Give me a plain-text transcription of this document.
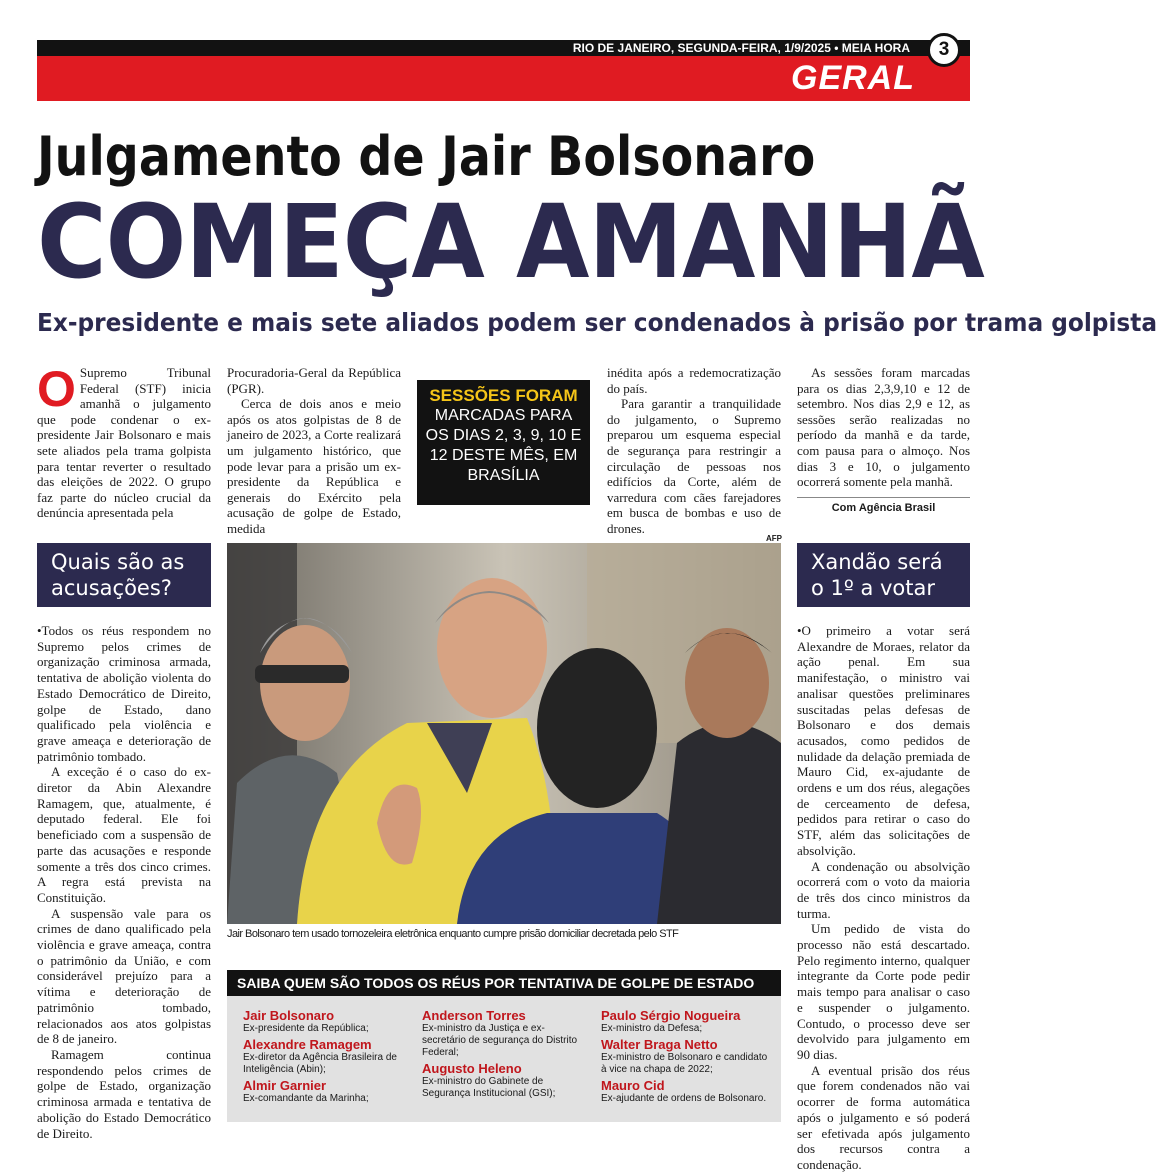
RIO DE JANEIRO, SEGUNDA-FEIRA, 1/9/2025 • MEIA HORA	3
GERAL
Julgamento de Jair Bolsonaro
COMEÇA AMANHÃ
Ex-presidente e mais sete aliados podem ser condenados à prisão por trama golpista

O Supremo Tribunal Federal (STF) inicia amanhã o julgamento que pode condenar o ex-presidente Jair Bolsonaro e mais sete aliados pela trama golpista para tentar reverter o resultado das eleições de 2022. O grupo faz parte do núcleo crucial da denúncia apresentada pela

Procuradoria-Geral da República (PGR).

Cerca de dois anos e meio após os atos golpistas de 8 de janeiro de 2023, a Corte realizará um julgamento histórico, que pode levar para a prisão um ex-presidente da República e generais do Exército pela acusação de golpe de Estado, medida

SESSÕES FORAM
MARCADAS PARA OS DIAS 2, 3, 9, 10 E 12 DESTE MÊS, EM BRASÍLIA

inédita após a redemocratização do país.

Para garantir a tranquilidade do julgamento, o Supremo preparou um esquema especial de segurança para restringir a circulação de pessoas nos edifícios da Corte, além de varredura com cães farejadores em busca de bombas e uso de drones.

As sessões foram marcadas para os dias 2,3,9,10 e 12 de setembro. Nos dias 2,9 e 12, as sessões serão realizadas no período da manhã e da tarde, com pausa para o almoço. Nos dias 3 e 10, o julgamento ocorrerá somente pela manhã.

Com Agência Brasil
Quais são as acusações?

•Todos os réus respondem no Supremo pelos crimes de organização criminosa armada, tentativa de abolição violenta do Estado Democrático de Direito, golpe de Estado, dano qualificado pela violência e grave ameaça e deterioração de patrimônio tombado.

A exceção é o caso do ex-diretor da Abin Alexandre Ramagem, que, atualmente, é deputado federal. Ele foi beneficiado com a suspensão de parte das acusações e responde somente a três dos cinco crimes. A regra está prevista na Constituição.

A suspensão vale para os crimes de dano qualificado pela violência e grave ameaça, contra o patrimônio da União, e com considerável prejuízo para a vítima e deterioração de patrimônio tombado, relacionados aos atos golpistas de 8 de janeiro.

Ramagem continua respondendo pelos crimes de golpe de Estado, organização criminosa armada e tentativa de abolição do Estado Democrático de Direito.

AFP
Jair Bolsonaro tem usado tornozeleira eletrônica enquanto cumpre prisão domiciliar decretada pelo STF
Xandão será o 1º a votar

•O primeiro a votar será Alexandre de Moraes, relator da ação penal. Em sua manifestação, o ministro vai analisar questões preliminares suscitadas pelas defesas de Bolsonaro e dos demais acusados, como pedidos de nulidade da delação premiada de Mauro Cid, ex-ajudante de ordens e um dos réus, alegações de cerceamento de defesa, pedidos para retirar o caso do STF, além das solicitações de absolvição.

A condenação ou absolvição ocorrerá com o voto da maioria de três dos cinco ministros da turma.

Um pedido de vista do processo não está descartado. Pelo regimento interno, qualquer integrante da Corte pode pedir mais tempo para analisar o caso e suspender o julgamento. Contudo, o processo deve ser devolvido para julgamento em 90 dias.

A eventual prisão dos réus que forem condenados não vai ocorrer de forma automática após o julgamento e só poderá ser efetivada após julgamento dos recursos contra a condenação.

SAIBA QUEM SÃO TODOS OS RÉUS POR TENTATIVA DE GOLPE DE ESTADO
Jair Bolsonaro
Ex-presidente da República;
Alexandre Ramagem
Ex-diretor da Agência Brasileira de Inteligência (Abin);
Almir Garnier
Ex-comandante da Marinha;
Anderson Torres
Ex-ministro da Justiça e ex-secretário de segurança do Distrito Federal;
Augusto Heleno
Ex-ministro do Gabinete de Segurança Institucional (GSI);
Paulo Sérgio Nogueira
Ex-ministro da Defesa;
Walter Braga Netto
Ex-ministro de Bolsonaro e candidato à vice na chapa de 2022;
Mauro Cid
Ex-ajudante de ordens de Bolsonaro.
